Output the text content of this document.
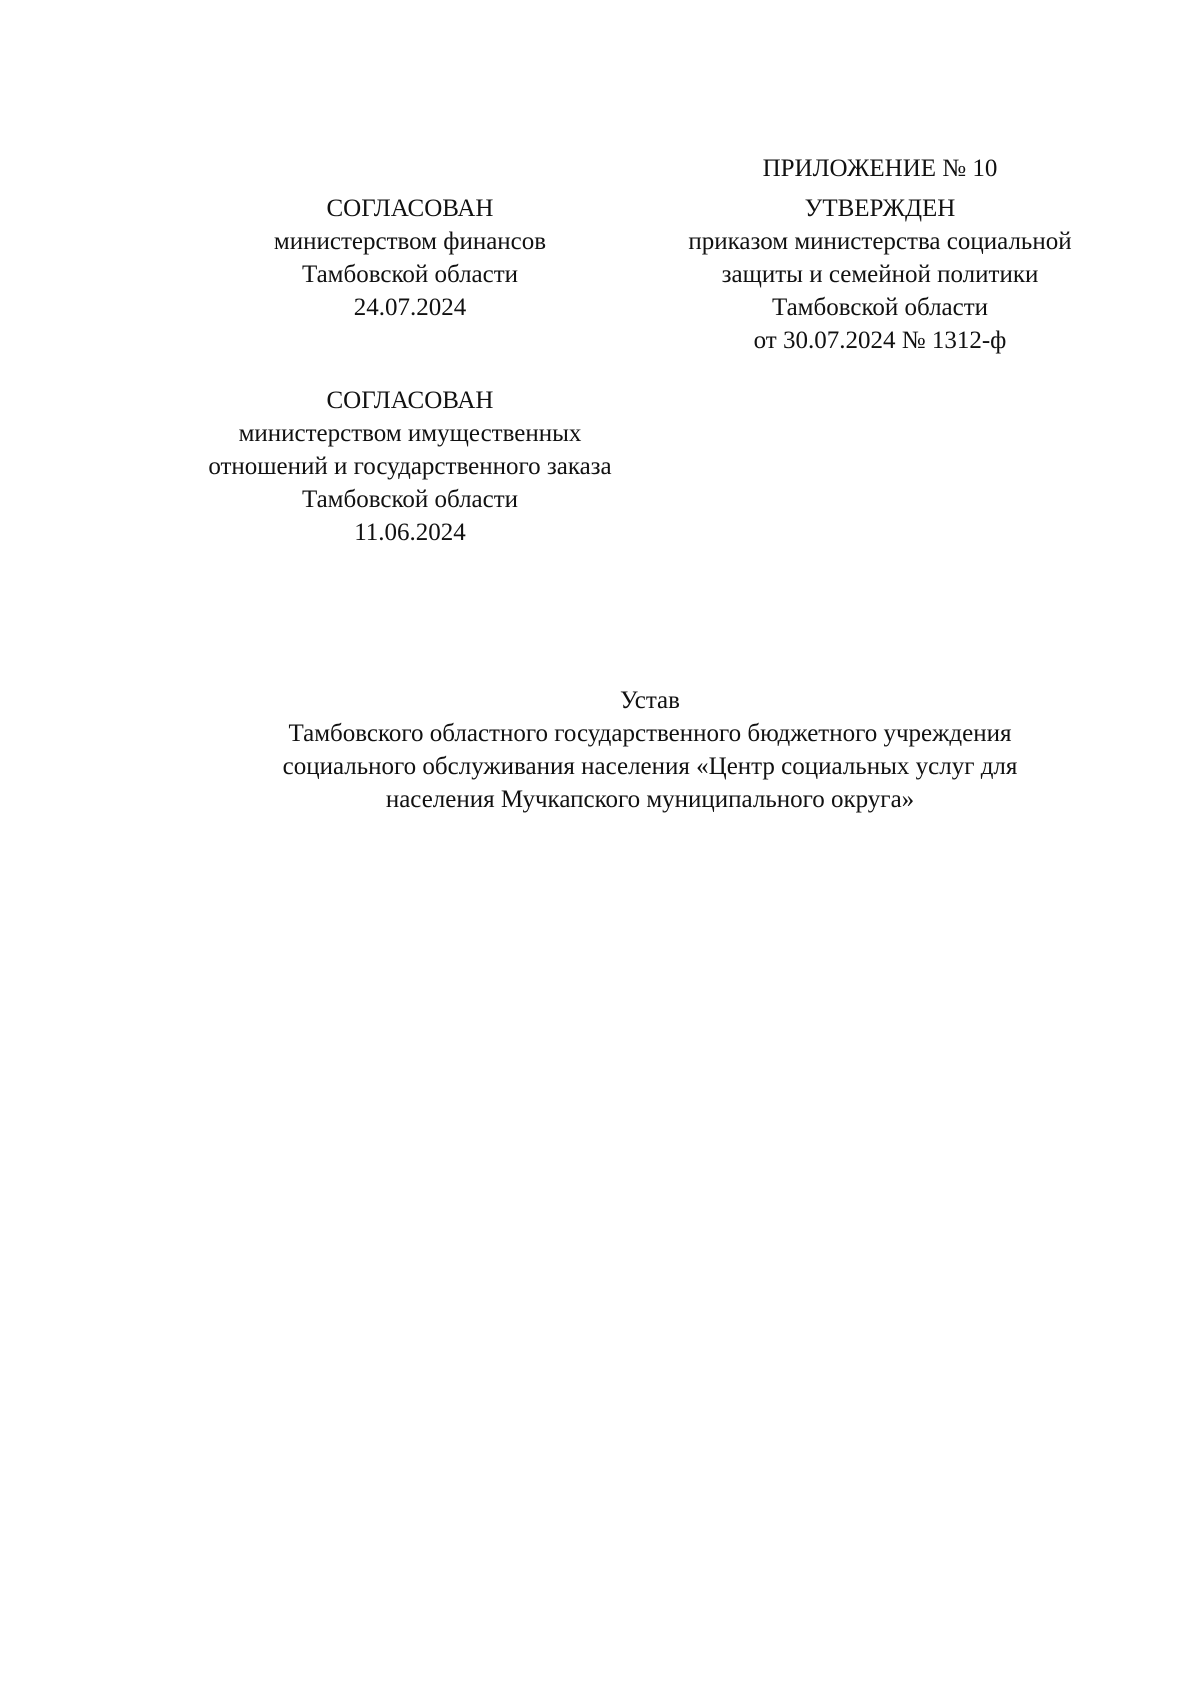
ПРИЛОЖЕНИЕ № 10
СОГЛАСОВАН
министерством финансов
Тамбовской области
24.07.2024
УТВЕРЖДЕН
приказом министерства социальной
защиты и семейной политики
Тамбовской области
от 30.07.2024 № 1312-ф
СОГЛАСОВАН
министерством имущественных
отношений и государственного заказа
Тамбовской области
11.06.2024
Устав
Тамбовского областного государственного бюджетного учреждения
социального обслуживания населения «Центр социальных услуг для
населения Мучкапского муниципального округа»
